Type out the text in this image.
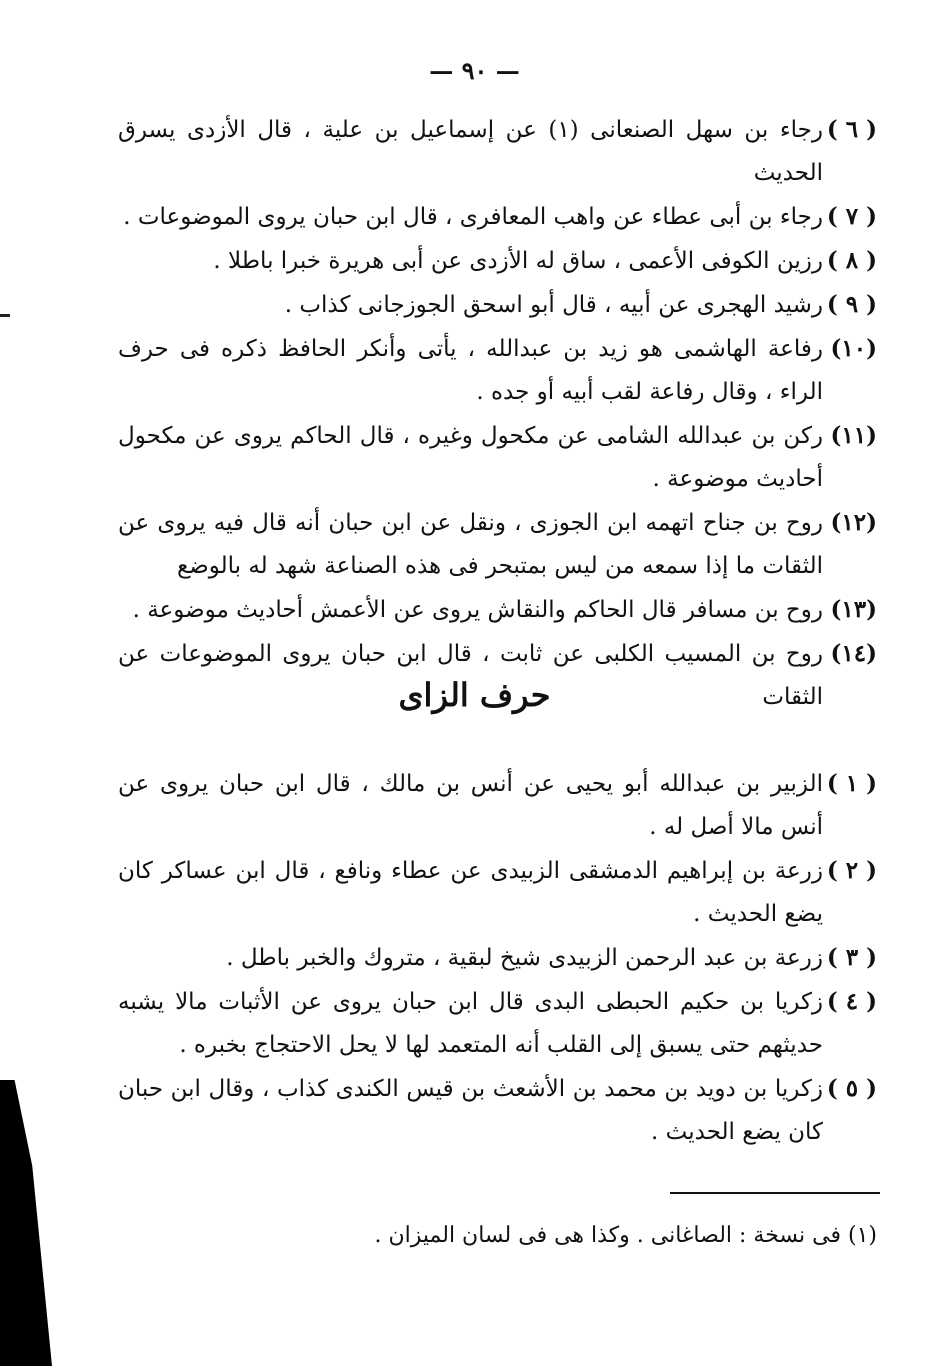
— ٩٠ —

( ٦ )رجاء بن سهل الصنعانى (١) عن إسماعيل بن علية ، قال الأزدى يسرق الحديث

( ٧ )رجاء بن أبى عطاء عن واهب المعافرى ، قال ابن حبان يروى الموضوعات .

( ٨ )رزين الكوفى الأعمى ، ساق له الأزدى عن أبى هريرة خبرا باطلا .

( ٩ )رشيد الهجرى عن أبيه ، قال أبو اسحق الجوزجانى كذاب .

(١٠)رفاعة الهاشمى هو زيد بن عبدالله ، يأتى وأنكر الحافظ ذكره فى حرف الراء ، وقال رفاعة لقب أبيه أو جده .

(١١)ركن بن عبدالله الشامى عن مكحول وغيره ، قال الحاكم يروى عن مكحول أحاديث موضوعة .

(١٢)روح بن جناح اتهمه ابن الجوزى ، ونقل عن ابن حبان أنه قال فيه يروى عن الثقات ما إذا سمعه من ليس بمتبحر فى هذه الصناعة شهد له بالوضع

(١٣)روح بن مسافر قال الحاكم والنقاش يروى عن الأعمش أحاديث موضوعة .

(١٤)روح بن المسيب الكلبى عن ثابت ، قال ابن حبان يروى الموضوعات عن الثقات

حرف الزاى

( ١ )الزبير بن عبدالله أبو يحيى عن أنس بن مالك ، قال ابن حبان يروى عن أنس مالا أصل له .

( ٢ )زرعة بن إبراهيم الدمشقى الزبيدى عن عطاء ونافع ، قال ابن عساكر كان يضع الحديث .

( ٣ )زرعة بن عبد الرحمن الزبيدى شيخ لبقية ، متروك والخبر باطل .

( ٤ )زكريا بن حكيم الحبطى البدى قال ابن حبان يروى عن الأثبات مالا يشبه حديثهم حتى يسبق إلى القلب أنه المتعمد لها لا يحل الاحتجاج بخبره .

( ٥ )زكريا بن دويد بن محمد بن الأشعث بن قيس الكندى كذاب ، وقال ابن حبان كان يضع الحديث .

(١) فى نسخة : الصاغانى . وكذا هى فى لسان الميزان .
